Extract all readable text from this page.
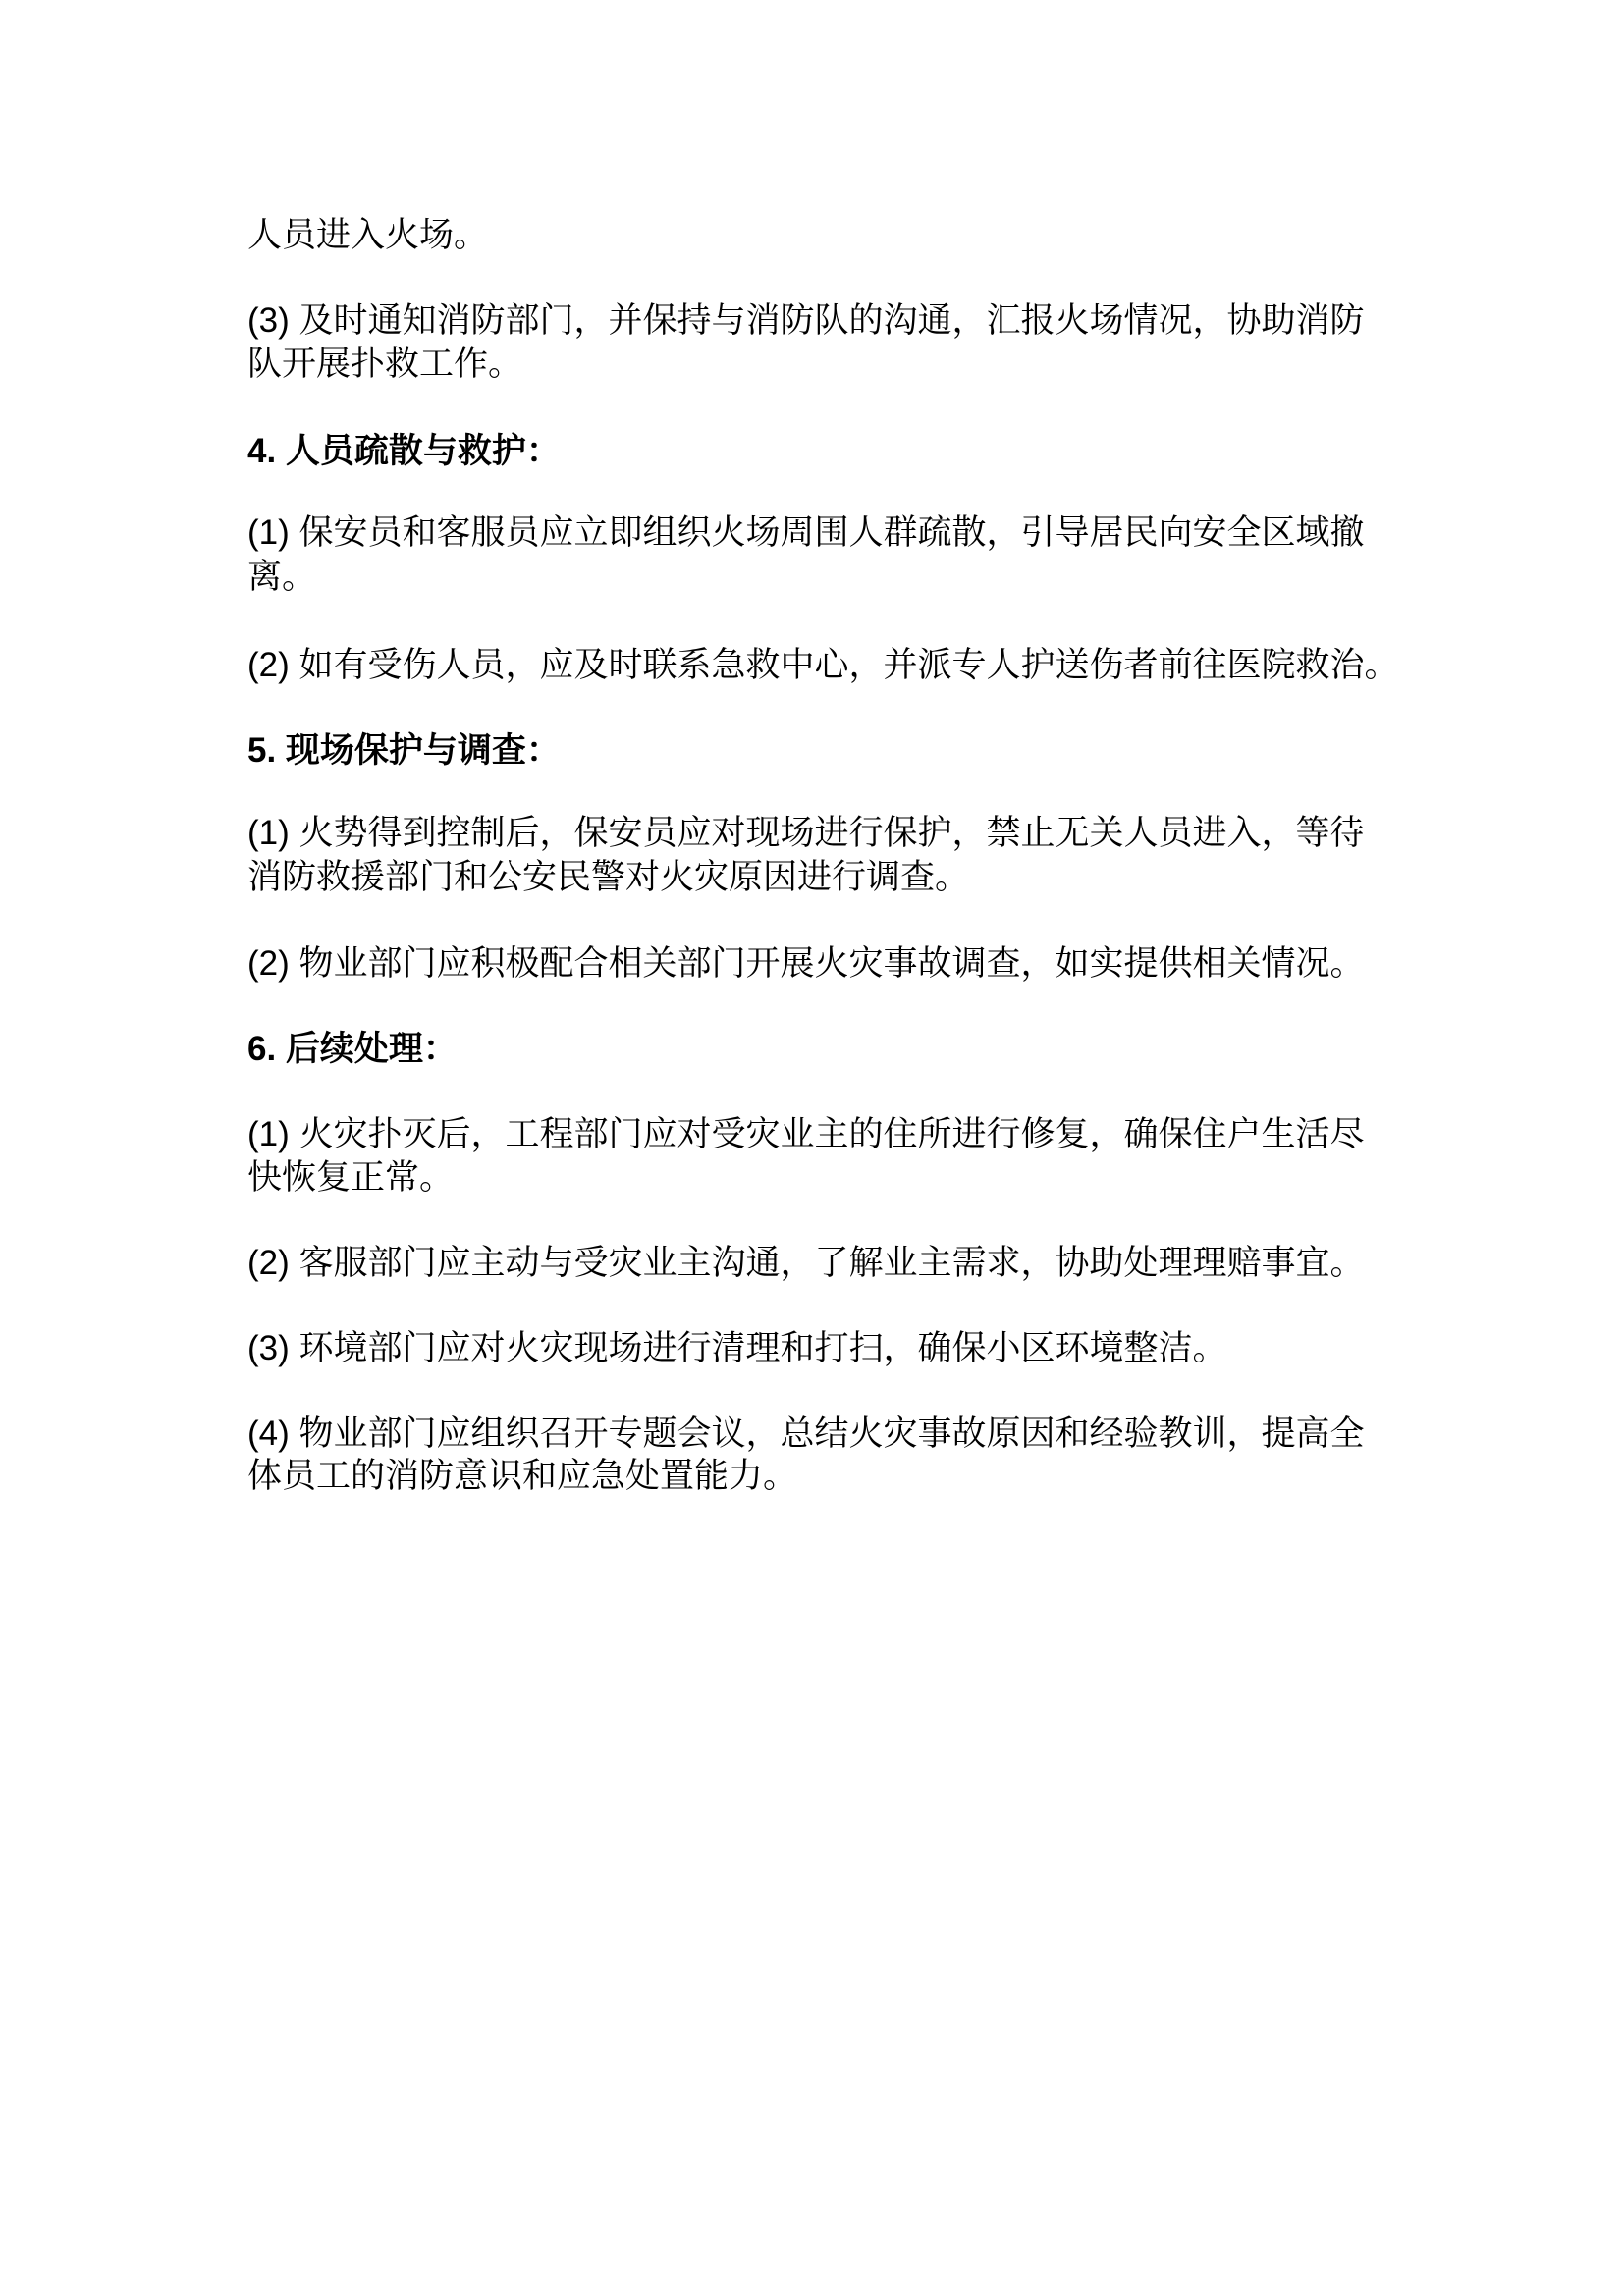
人员进入火场。
(3) 及时通知消防部门，并保持与消防队的沟通，汇报火场情况，协助消防
队开展扑救工作。
4. 人员疏散与救护：
(1) 保安员和客服员应立即组织火场周围人群疏散，引导居民向安全区域撤
离。
(2) 如有受伤人员，应及时联系急救中心，并派专人护送伤者前往医院救治。
5. 现场保护与调查：
(1) 火势得到控制后，保安员应对现场进行保护，禁止无关人员进入，等待
消防救援部门和公安民警对火灾原因进行调查。
(2) 物业部门应积极配合相关部门开展火灾事故调查，如实提供相关情况。
6. 后续处理：
(1) 火灾扑灭后，工程部门应对受灾业主的住所进行修复，确保住户生活尽
快恢复正常。
(2) 客服部门应主动与受灾业主沟通，了解业主需求，协助处理理赔事宜。
(3) 环境部门应对火灾现场进行清理和打扫，确保小区环境整洁。
(4) 物业部门应组织召开专题会议，总结火灾事故原因和经验教训，提高全
体员工的消防意识和应急处置能力。
